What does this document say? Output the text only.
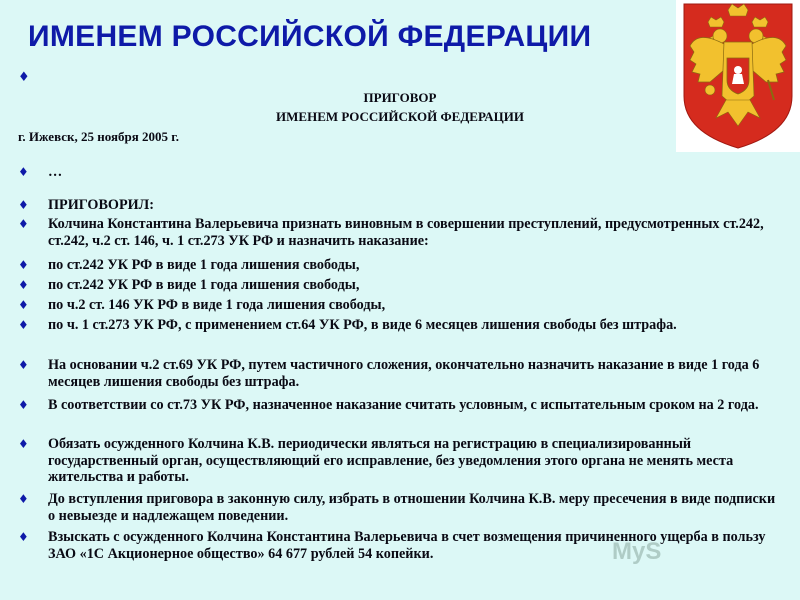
ИМЕНЕМ РОССИЙСКОЙ ФЕДЕРАЦИИ
♦
ПРИГОВОР
ИМЕНЕМ РОССИЙСКОЙ ФЕДЕРАЦИИ
г. Ижевск, 25 ноября 2005 г.
♦ …
♦ ПРИГОВОРИЛ:
♦ Колчина Константина Валерьевича признать виновным в совершении преступлений, предусмотренных ст.242, ст.242, ч.2 ст. 146, ч. 1 ст.273 УК РФ и назначить наказание:
♦ по ст.242 УК РФ в виде 1 года лишения свободы,
♦ по ст.242 УК РФ в виде 1 года лишения свободы,
♦ по ч.2 ст. 146 УК РФ в виде 1 года лишения свободы,
♦ по ч. 1 ст.273 УК РФ, с применением ст.64 УК РФ, в виде 6 месяцев лишения свободы без штрафа.
♦ На основании ч.2 ст.69 УК РФ, путем частичного сложения, окончательно назначить наказание в виде 1 года 6 месяцев лишения свободы без штрафа.
♦ В соответствии со ст.73 УК РФ, назначенное наказание считать условным, с испытательным сроком на 2 года.
♦ Обязать осужденного Колчина К.В. периодически являться на регистрацию в специализированный государственный орган, осуществляющий его исправление, без уведомления этого органа не менять места жительства и работы.
♦ До вступления приговора в законную силу, избрать в отношении Колчина К.В. меру пресечения в виде подписки о невыезде и надлежащем поведении.
♦ Взыскать с осужденного Колчина Константина Валерьевича в счет возмещения причиненного ущерба в пользу ЗАО «1С Акционерное общество» 64 677 рублей 54 копейки.	MyS
